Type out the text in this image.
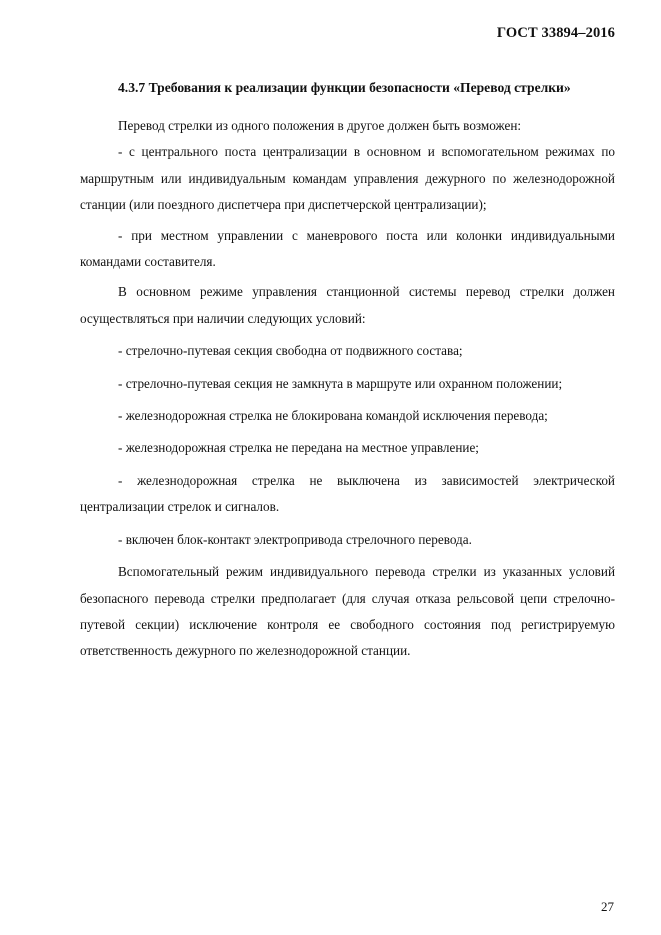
ГОСТ 33894–2016
4.3.7 Требования к реализации функции безопасности «Перевод стрелки»

Перевод стрелки из одного положения в другое должен быть возможен:

- с центрального поста централизации в основном и вспомогательном режимах по маршрутным или индивидуальным командам управления дежурного по железнодорожной станции (или поездного диспетчера при диспетчерской централизации);

- при местном управлении с маневрового поста или колонки индивидуальными командами составителя.

В основном режиме управления станционной системы перевод стрелки должен осуществляться при наличии следующих условий:

- стрелочно-путевая секция свободна от подвижного состава;

- стрелочно-путевая секция не замкнута в маршруте или охранном положении;

- железнодорожная стрелка не блокирована командой исключения перевода;

- железнодорожная стрелка не передана на местное управление;

- железнодорожная стрелка не выключена из зависимостей электрической централизации стрелок и сигналов.

- включен блок-контакт электропривода стрелочного перевода.

Вспомогательный режим индивидуального перевода стрелки из указанных условий безопасного перевода стрелки предполагает (для случая отказа рельсовой цепи стрелочно-путевой секции) исключение контроля ее свободного состояния под регистрируемую ответственность дежурного по железнодорожной станции.

27
